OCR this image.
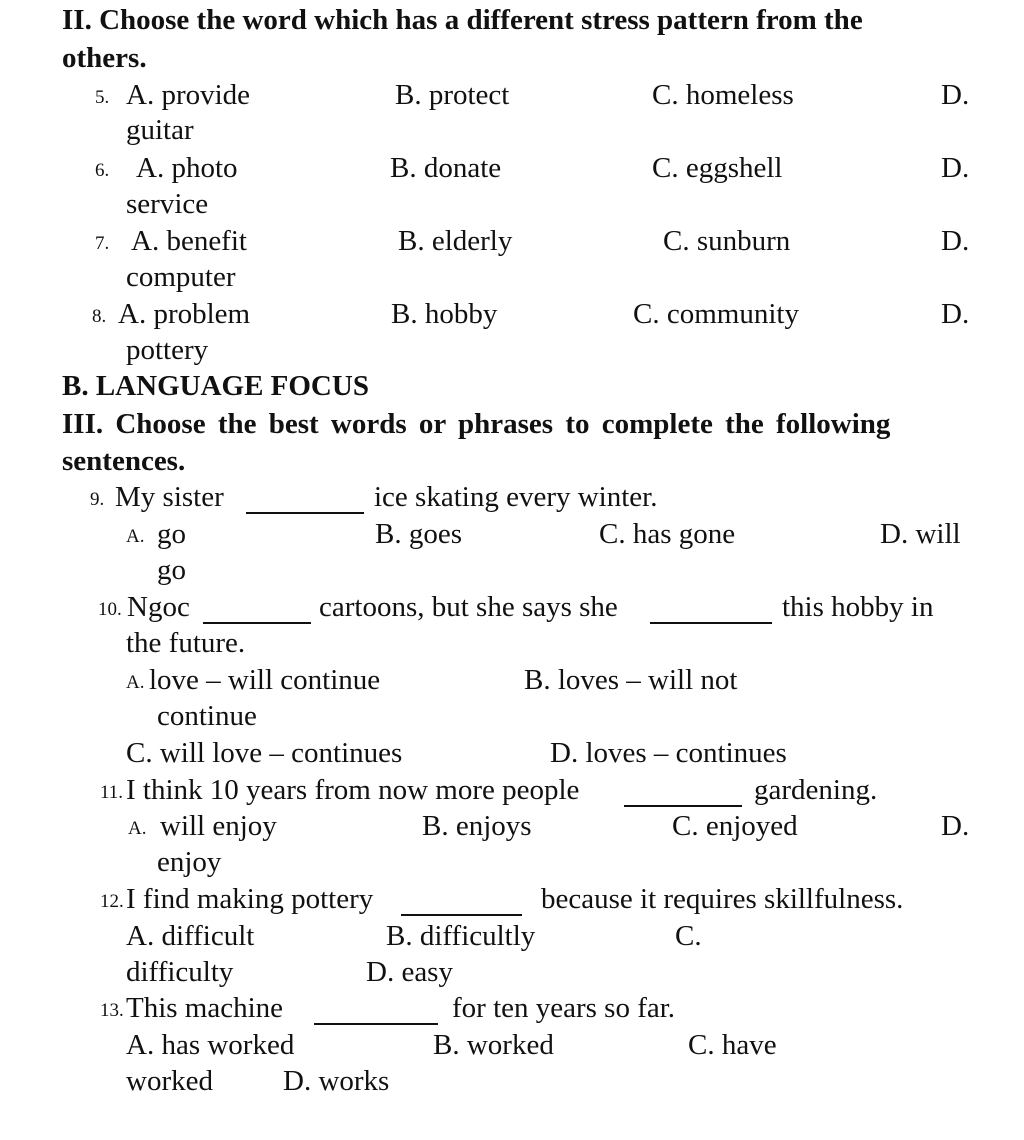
II. Choose the word which has a different stress pattern from the
others.
5. A. provide	B. protect	C. homeless	D.
guitar
6. A. photo	B. donate	C. eggshell	D.
service
7. A. benefit	B. elderly	C. sunburn	D.
computer
8. A. problem	B. hobby	C. community	D.
pottery
B. LANGUAGE FOCUS
III. Choose the best words or phrases to complete the following
sentences.
9. My sister	ice skating every winter.
A. go	B. goes	C. has gone	D. will
go
10. Ngoc	cartoons, but she says she	this hobby in
the future.
A. love – will continue	B. loves – will not
continue
C. will love – continues	D. loves – continues
11. I think 10 years from now more people	gardening.
A. will enjoy	B. enjoys	C. enjoyed	D.
enjoy
12. I find making pottery	because it requires skillfulness.
A. difficult	B. difficultly	C.
difficulty	D. easy
13. This machine	for ten years so far.
A. has worked	B. worked	C. have
worked D. works
